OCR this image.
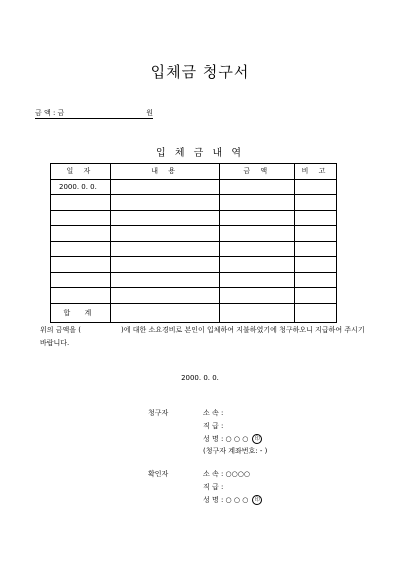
입체금 청구서
금 액 : 금	원
입 체 금 내 역
일 자	내 용	금 액	비 고
2000. 0. 0.			

합 계			
위의 금액을 (	)에 대한 소요경비로 본인이 입체하여 지불하였기에 청구하오니 지급하여 주시기 바랍니다.
2000. 0. 0.
청구자	소 속 :
직 급 :
성 명 : ○ ○ ○ 印
(청구자 계좌번호: - )
확인자	소 속 : ○○○○
직 급 :
성 명 : ○ ○ ○ 印
